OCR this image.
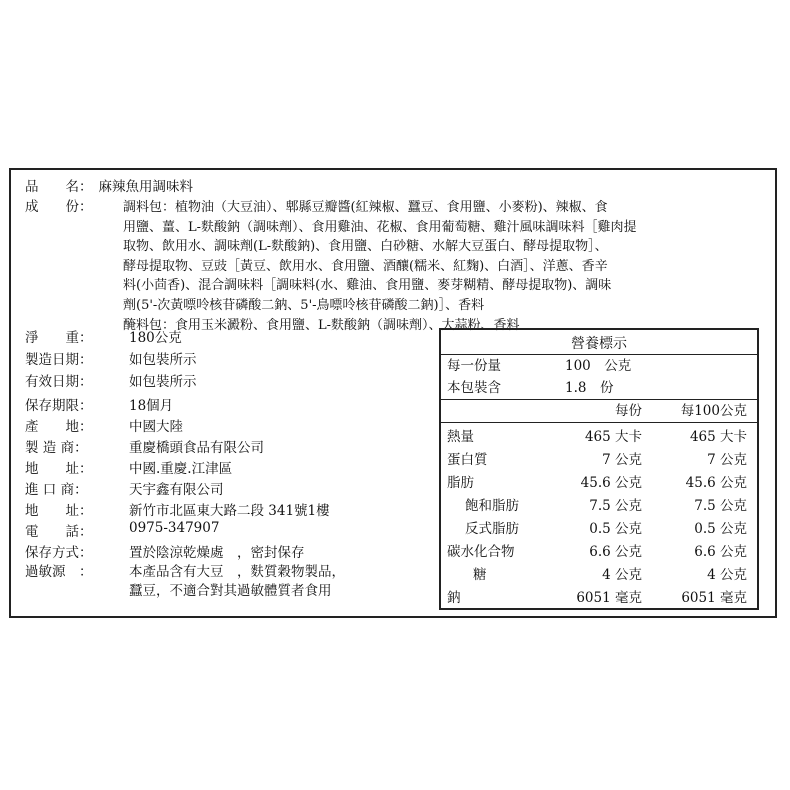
品　　名： 麻辣魚用調味料
成　　份： 調料包：植物油（大豆油）、郫縣豆瓣醬(紅辣椒、蠶豆、食用鹽、小麥粉)、辣椒、食
用鹽、薑、L-麩酸鈉（調味劑）、食用雞油、花椒、食用葡萄糖、雞汁風味調味料［雞肉提
取物、飲用水、調味劑(L-麩酸鈉)、食用鹽、白砂糖、水解大豆蛋白、酵母提取物］、
酵母提取物、豆豉［黃豆、飲用水、食用鹽、酒釀(糯米、紅麴)、白酒］、洋蔥、香辛
料(小茴香)、混合調味料［調味料(水、雞油、食用鹽、麥芽糊精、酵母提取物)、調味
劑(5'-次黃嘌呤核苷磷酸二鈉、5'-鳥嘌呤核苷磷酸二鈉)］、香料
醃料包：食用玉米澱粉、食用鹽、L-麩酸鈉（調味劑）、大蒜粉、香料
淨　　重：	180公克
製造日期：	如包裝所示
有效日期：	如包裝所示
保存期限：	18個月
產　　地：	中國大陸
製 造 商：	重慶橋頭食品有限公司
地　　址：	中國.重慶.江津區
進 口 商：	天宇鑫有限公司
地　　址：	新竹市北區東大路二段 341號1樓
電　　話：	0975-347907
保存方式：	置於陰涼乾燥處　，密封保存
過敏源　：	本產品含有大豆　，麩質穀物製品，
蠶豆，不適合對其過敏體質者食用
營養標示
每一份量	100　公克
本包裝含	1.8　份
每份	每100公克
熱量	465 大卡	465 大卡
蛋白質	7 公克	7 公克
脂肪	45.6 公克	45.6 公克
飽和脂肪	7.5 公克	7.5 公克
反式脂肪	0.5 公克	0.5 公克
碳水化合物	6.6 公克	6.6 公克
糖	4 公克	4 公克
鈉	6051 毫克	6051 毫克
